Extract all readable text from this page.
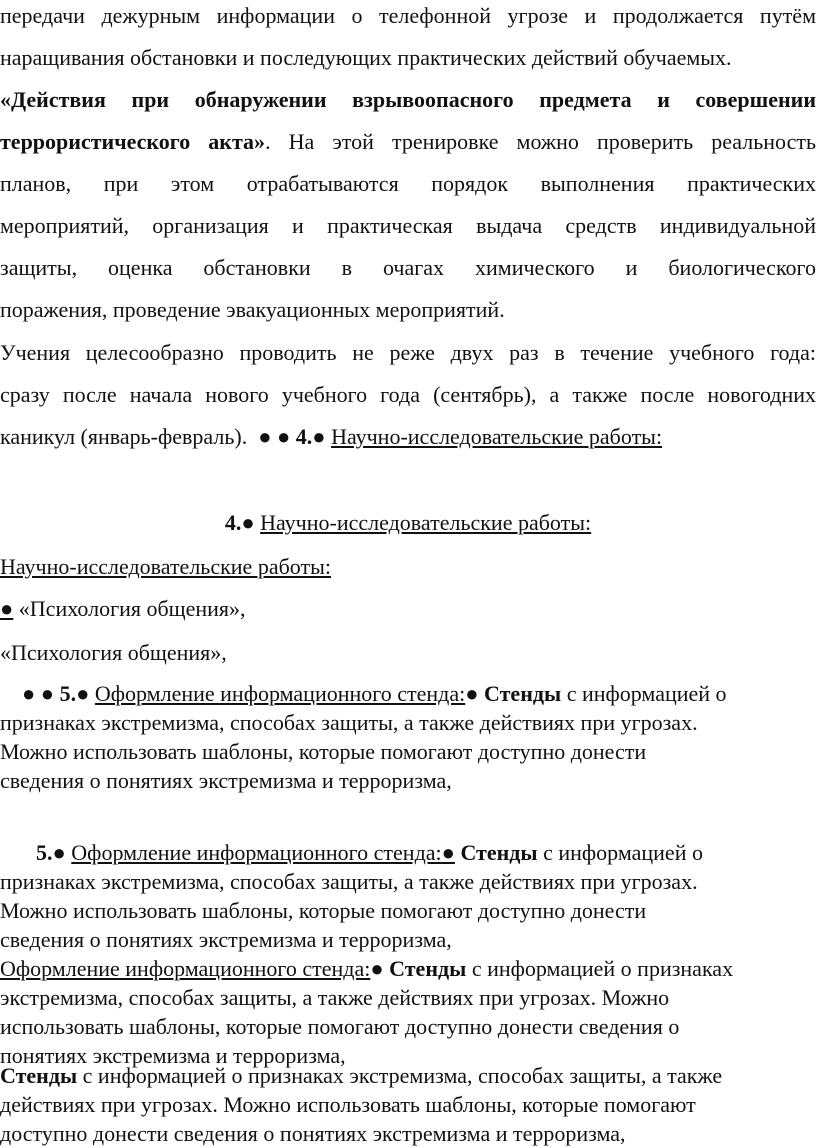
передачи дежурным информации о телефонной угрозе и продолжается путём
наращивания обстановки и последующих практических действий обучаемых.
«Действия при обнаружении взрывоопасного предмета и совершении
террористического акта». На этой тренировке можно проверить реальность
планов, при этом отрабатываются порядок выполнения практических
мероприятий, организация и практическая выдача средств индивидуальной
защиты, оценка обстановки в очагах химического и биологического
поражения, проведение эвакуационных мероприятий.
Учения целесообразно проводить не реже двух раз в течение учебного года:
сразу после начала нового учебного года (сентябрь), а также после новогодних
каникул (январь-февраль). ● ● 4.● Научно-исследовательские работы:
4.● Научно-исследовательские работы:
Научно-исследовательские работы:
● «Психология общения»,
«Психология общения»,
● ● 5.● Оформление информационного стенда:● Стенды с информацией о
признаках экстремизма, способах защиты, а также действиях при угрозах.
Можно использовать шаблоны, которые помогают доступно донести
сведения о понятиях экстремизма и терроризма,
5.● Оформление информационного стенда:● Стенды с информацией о
признаках экстремизма, способах защиты, а также действиях при угрозах.
Можно использовать шаблоны, которые помогают доступно донести
сведения о понятиях экстремизма и терроризма,
Оформление информационного стенда:● Стенды с информацией о признаках
экстремизма, способах защиты, а также действиях при угрозах. Можно
использовать шаблоны, которые помогают доступно донести сведения о
понятиях экстремизма и терроризма,
Стенды с информацией о признаках экстремизма, способах защиты, а также
действиях при угрозах. Можно использовать шаблоны, которые помогают
доступно донести сведения о понятиях экстремизма и терроризма,
